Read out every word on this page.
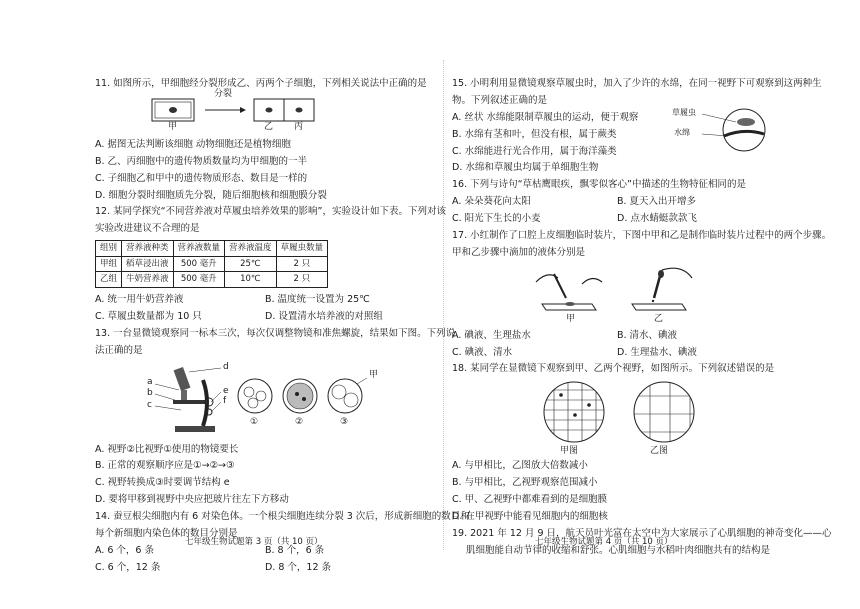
11. 如图所示，甲细胞经分裂形成乙、丙两个子细胞，下列相关说法中正确的是
分裂
甲	乙 丙
A. 据图无法判断该细胞 动物细胞还是植物细胞
B. 乙、丙细胞中的遗传物质数量均为甲细胞的一半
C. 子细胞乙和甲中的遗传物质形态、数目是一样的
D. 细胞分裂时细胞质先分裂，随后细胞核和细胞膜分裂
12. 某同学探究“不同营养液对草履虫培养效果的影响”，实验设计如下表。下列对该
实验改进建议不合理的是
组别	营养液种类	营养液数量	营养液温度	草履虫数量
甲组	稻草浸出液	500 毫升	25℃	2 只
乙组	牛奶营养液	500 毫升	10℃	2 只
A. 统一用牛奶营养液	B. 温度统一设置为 25℃
C. 草履虫数量都为 10 只	D. 设置清水培养液的对照组
13. 一台显微镜观察同一标本三次，每次仅调整物镜和准焦螺旋，结果如下图。下列说
法正确的是
a
b
c
d
e
f
甲
①	②	③
A. 视野②比视野①使用的物镜要长
B. 正常的观察顺序应是①→②→③
C. 视野转换成③时要调节结构 e
D. 要将甲移到视野中央应把玻片往左下方移动
14. 蚕豆根尖细胞内有 6 对染色体。一个根尖细胞连续分裂 3 次后，形成新细胞的数目和
每个新细胞内染色体的数目分别是
A. 6 个，6 条	B. 8 个，6 条
C. 6 个，12 条	D. 8 个，12 条
七年级生物试题第 3 页（共 10 页）
15. 小明利用显微镜观察草履虫时，加入了少许的水绵，在同一视野下可观察到这两种生
物。下列叙述正确的是
草履虫
水绵
A. 丝状 水绵能限制草履虫的运动，便于观察
B. 水绵有茎和叶，但没有根，属于蕨类
C. 水绵能进行光合作用，属于海洋藻类
D. 水绵和草履虫均属于单细胞生物
16. 下列与诗句“草枯鹰眼疾，飘零似客心”中描述的生物特征相同的是
A. 朵朵葵花向太阳	B. 夏天入出开增多
C. 阳光下生长的小麦	D. 点水蜻蜓款款飞
17. 小红制作了口腔上皮细胞临时装片，下图中甲和乙是制作临时装片过程中的两个步骤。
甲和乙步骤中滴加的液体分别是
甲	乙
A. 碘液、生理盐水	B. 清水、碘液
C. 碘液、清水	D. 生理盐水、碘液
18. 某同学在显微镜下观察到甲、乙两个视野，如图所示。下列叙述错误的是
甲图	乙图
A. 与甲相比，乙图放大倍数减小
B. 与甲相比，乙视野观察范围减小
C. 甲、乙视野中都难看到的是细胞膜
D. 在甲视野中能看见细胞内的细胞核
19. 2021 年 12 月 9 日，航天员叶光富在太空中为大家展示了心肌细胞的神奇变化——心
肌细胞能自动节律的收缩和舒张。心肌细胞与水稻叶肉细胞共有的结构是
七年级生物试题第 4 页（共 10 页）
